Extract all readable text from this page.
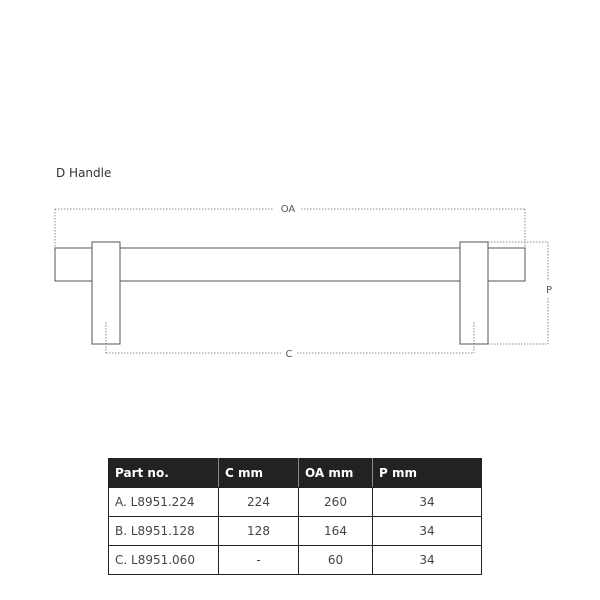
D Handle
OA
P
C
Part no.	C mm	OA mm	P mm
A. L8951.224	224	260	34
B. L8951.128	128	164	34
C. L8951.060	-	60	34
